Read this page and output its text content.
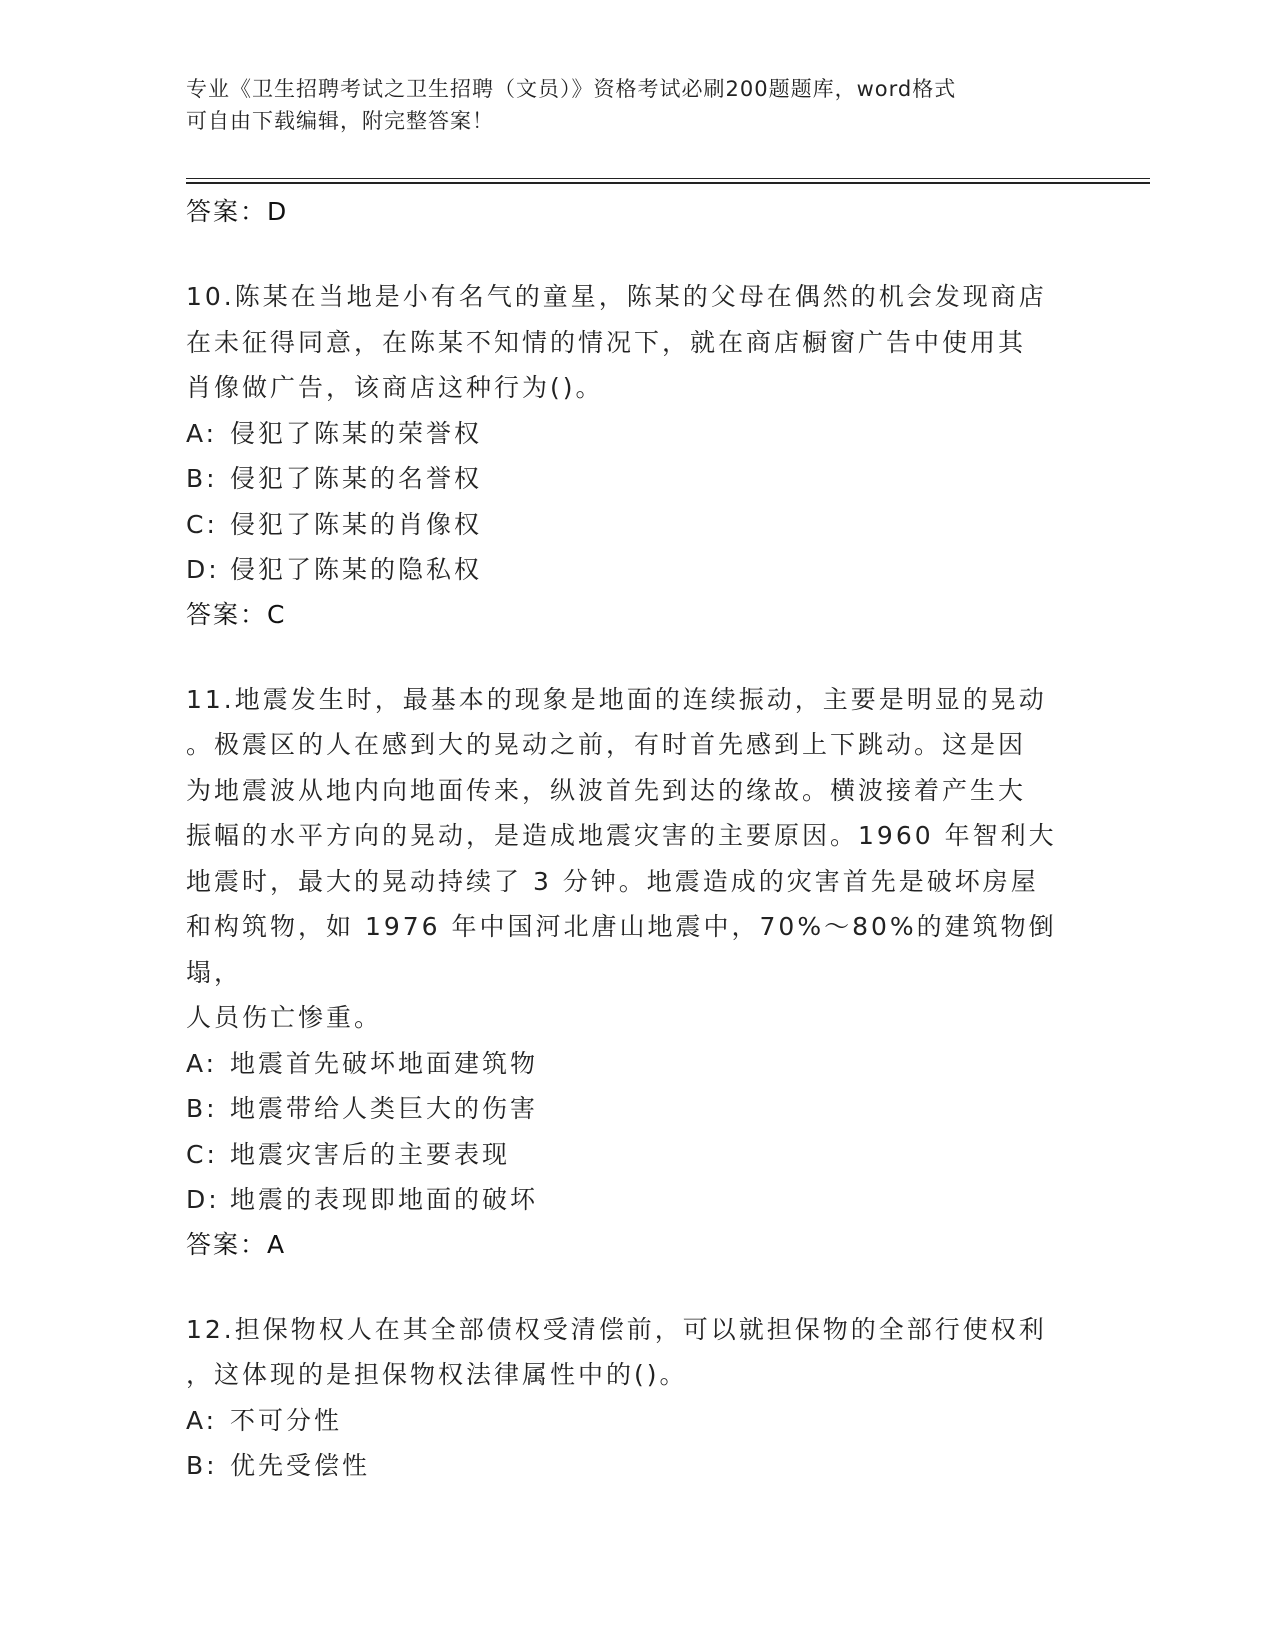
专业《卫生招聘考试之卫生招聘（文员）》资格考试必刷200题题库，word格式
可自由下载编辑，附完整答案！

答案：D

10.陈某在当地是小有名气的童星，陈某的父母在偶然的机会发现商店

在未征得同意，在陈某不知情的情况下，就在商店橱窗广告中使用其

肖像做广告，该商店这种行为()。

A: 侵犯了陈某的荣誉权

B: 侵犯了陈某的名誉权

C: 侵犯了陈某的肖像权

D: 侵犯了陈某的隐私权

答案：C

11.地震发生时，最基本的现象是地面的连续振动，主要是明显的晃动

。极震区的人在感到大的晃动之前，有时首先感到上下跳动。这是因

为地震波从地内向地面传来，纵波首先到达的缘故。横波接着产生大

振幅的水平方向的晃动，是造成地震灾害的主要原因。1960 年智利大

地震时，最大的晃动持续了 3 分钟。地震造成的灾害首先是破坏房屋

和构筑物，如 1976 年中国河北唐山地震中，70%～80%的建筑物倒塌，

人员伤亡惨重。

A: 地震首先破坏地面建筑物

B: 地震带给人类巨大的伤害

C: 地震灾害后的主要表现

D: 地震的表现即地面的破坏

答案：A

12.担保物权人在其全部债权受清偿前，可以就担保物的全部行使权利

，这体现的是担保物权法律属性中的()。

A: 不可分性

B: 优先受偿性
